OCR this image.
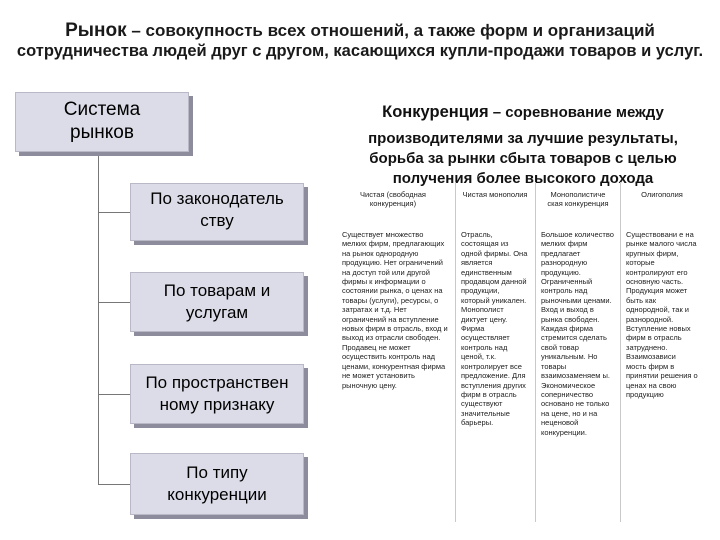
Рынок – совокупность всех отношений, а также форм и организаций
сотрудничества людей друг с другом, касающихся купли-продажи товаров и услуг.
Система
рынков
По законодатель
ству
По товарам и
услугам
По пространствен
ному признаку
По типу
конкуренции
Конкуренция – соревнование между
производителями за лучшие результаты,
борьба за рынки сбыта товаров с целью
получения более высокого дохода
Чистая (свободная конкуренция)
Чистая монополия	Монополистиче ская конкуренция
Олигополия
Существует множество мелких фирм, предлагающих на рынок однородную продукцию. Нет ограничений на доступ той или другой фирмы к информации о состоянии рынка, о ценах на товары (услуги), ресурсы, о затратах и т.д. Нет ограничений на вступление новых фирм в отрасль, вход и выход из отрасли свободен. Продавец не может осуществить контроль над ценами, конкурентная фирма не может установить рыночную цену.
Отрасль, состоящая из одной фирмы. Она является единственным продавцом данной продукции, который уникален. Монополист диктует цену. Фирма осуществляет контроль над ценой, т.к. контролирует все предложение. Для вступления других фирм в отрасль существуют значительные барьеры.
Большое количество мелких фирм предлагает разнородную продукцию. Ограниченный контроль над рыночными ценами. Вход и выход в рынка свободен. Каждая фирма стремится сделать свой товар уникальным. Но товары взаимозаменяем ы. Экономическое соперничество основано не только на цене, но и на неценовой конкуренции.
Существовани е на рынке малого числа крупных фирм, которые контролируют его основную часть. Продукция может быть как однородной, так и разнородной. Вступление новых фирм в отрасль затруднено. Взаимозависи мость фирм в принятии решения о ценах на свою продукцию
